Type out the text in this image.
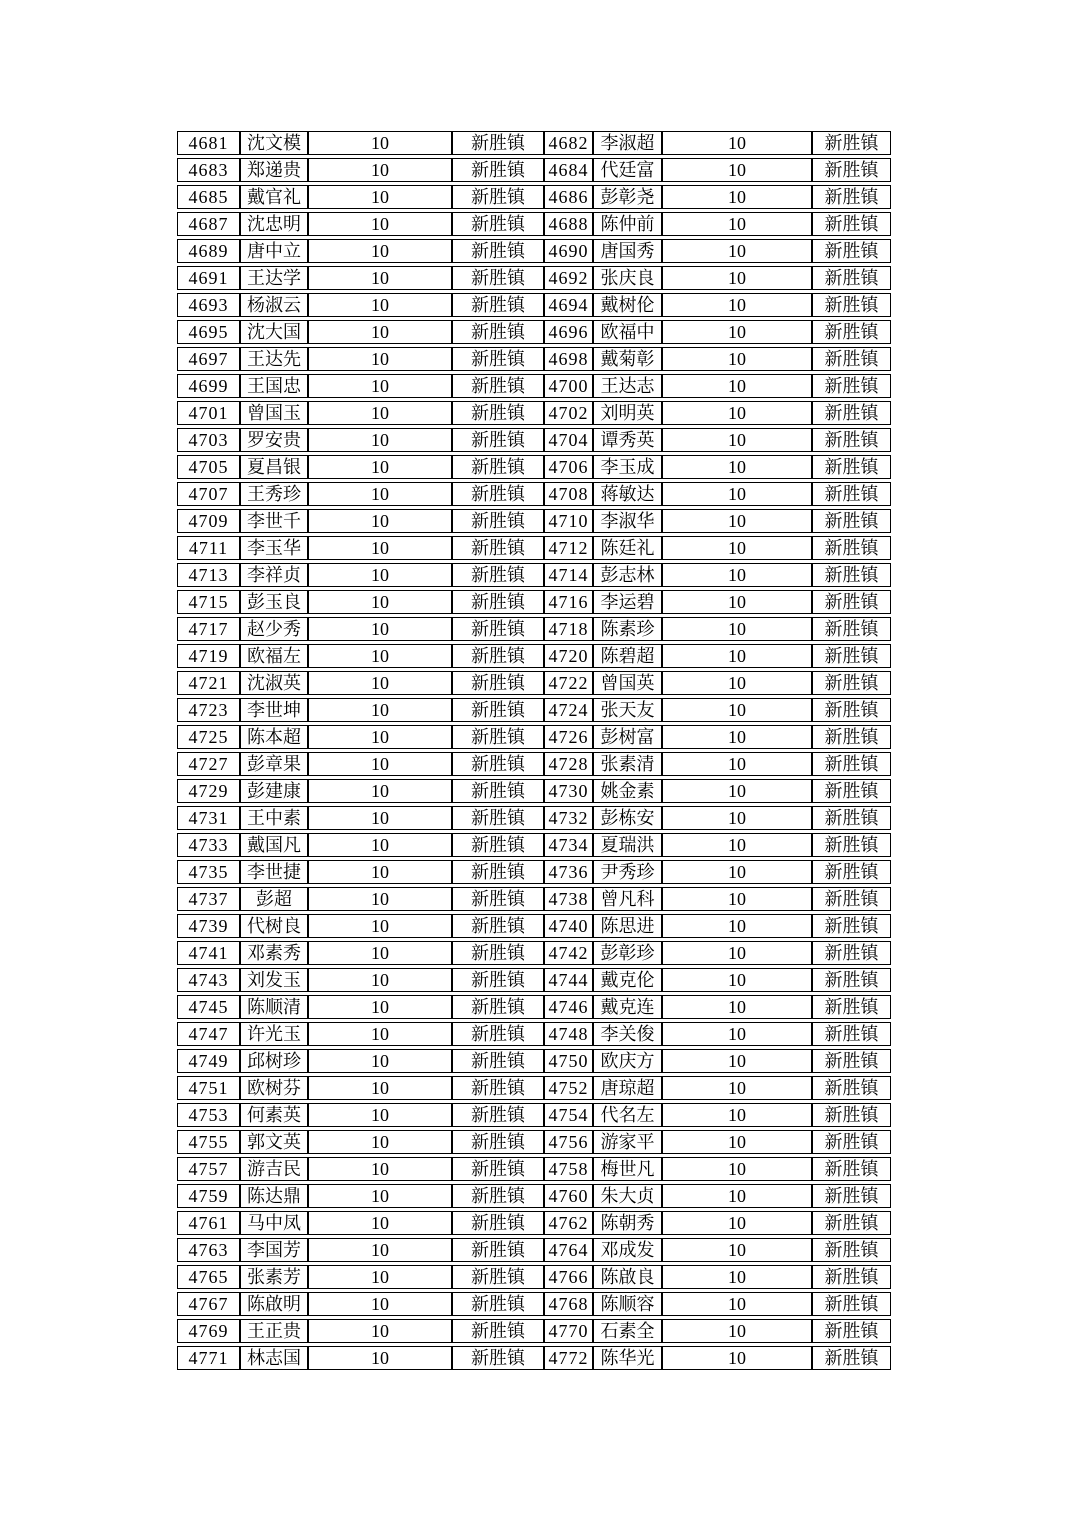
4681	沈文模	10	新胜镇	4682	李淑超	10	新胜镇
4683	郑递贵	10	新胜镇	4684	代廷富	10	新胜镇
4685	戴官礼	10	新胜镇	4686	彭彰尧	10	新胜镇
4687	沈忠明	10	新胜镇	4688	陈仲前	10	新胜镇
4689	唐中立	10	新胜镇	4690	唐国秀	10	新胜镇
4691	王达学	10	新胜镇	4692	张庆良	10	新胜镇
4693	杨淑云	10	新胜镇	4694	戴树伦	10	新胜镇
4695	沈大国	10	新胜镇	4696	欧福中	10	新胜镇
4697	王达先	10	新胜镇	4698	戴菊彰	10	新胜镇
4699	王国忠	10	新胜镇	4700	王达志	10	新胜镇
4701	曾国玉	10	新胜镇	4702	刘明英	10	新胜镇
4703	罗安贵	10	新胜镇	4704	谭秀英	10	新胜镇
4705	夏昌银	10	新胜镇	4706	李玉成	10	新胜镇
4707	王秀珍	10	新胜镇	4708	蒋敏达	10	新胜镇
4709	李世千	10	新胜镇	4710	李淑华	10	新胜镇
4711	李玉华	10	新胜镇	4712	陈廷礼	10	新胜镇
4713	李祥贞	10	新胜镇	4714	彭志林	10	新胜镇
4715	彭玉良	10	新胜镇	4716	李运碧	10	新胜镇
4717	赵少秀	10	新胜镇	4718	陈素珍	10	新胜镇
4719	欧福左	10	新胜镇	4720	陈碧超	10	新胜镇
4721	沈淑英	10	新胜镇	4722	曾国英	10	新胜镇
4723	李世坤	10	新胜镇	4724	张天友	10	新胜镇
4725	陈本超	10	新胜镇	4726	彭树富	10	新胜镇
4727	彭章果	10	新胜镇	4728	张素清	10	新胜镇
4729	彭建康	10	新胜镇	4730	姚金素	10	新胜镇
4731	王中素	10	新胜镇	4732	彭栋安	10	新胜镇
4733	戴国凡	10	新胜镇	4734	夏瑞洪	10	新胜镇
4735	李世捷	10	新胜镇	4736	尹秀珍	10	新胜镇
4737	彭超	10	新胜镇	4738	曾凡科	10	新胜镇
4739	代树良	10	新胜镇	4740	陈思进	10	新胜镇
4741	邓素秀	10	新胜镇	4742	彭彰珍	10	新胜镇
4743	刘发玉	10	新胜镇	4744	戴克伦	10	新胜镇
4745	陈顺清	10	新胜镇	4746	戴克连	10	新胜镇
4747	许光玉	10	新胜镇	4748	李关俊	10	新胜镇
4749	邱树珍	10	新胜镇	4750	欧庆方	10	新胜镇
4751	欧树芬	10	新胜镇	4752	唐琼超	10	新胜镇
4753	何素英	10	新胜镇	4754	代名左	10	新胜镇
4755	郭文英	10	新胜镇	4756	游家平	10	新胜镇
4757	游吉民	10	新胜镇	4758	梅世凡	10	新胜镇
4759	陈达鼎	10	新胜镇	4760	朱大贞	10	新胜镇
4761	马中凤	10	新胜镇	4762	陈朝秀	10	新胜镇
4763	李国芳	10	新胜镇	4764	邓成发	10	新胜镇
4765	张素芳	10	新胜镇	4766	陈啟良	10	新胜镇
4767	陈啟明	10	新胜镇	4768	陈顺容	10	新胜镇
4769	王正贵	10	新胜镇	4770	石素全	10	新胜镇
4771	林志国	10	新胜镇	4772	陈华光	10	新胜镇
